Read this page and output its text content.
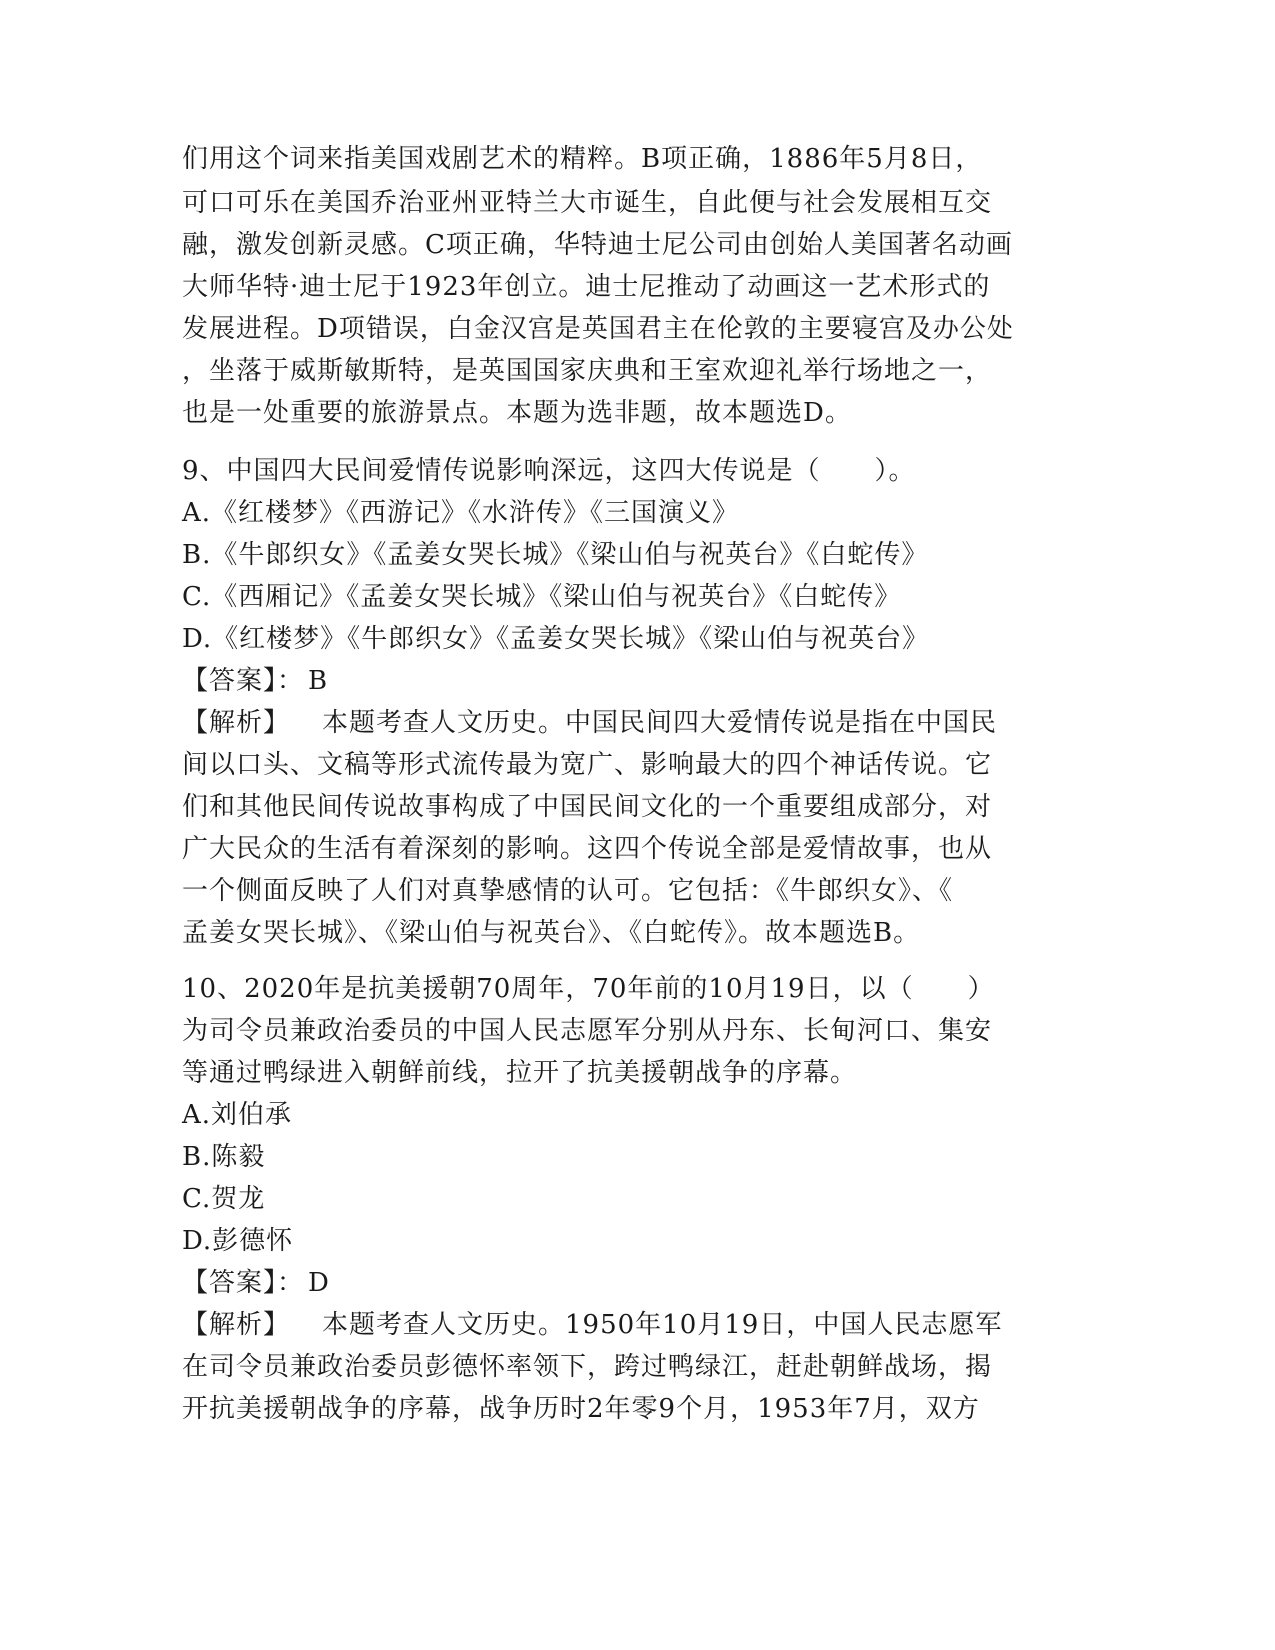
们用这个词来指美国戏剧艺术的精粹。B项正确，1886年5月8日，
可口可乐在美国乔治亚州亚特兰大市诞生，自此便与社会发展相互交
融，激发创新灵感。C项正确，华特迪士尼公司由创始人美国著名动画
大师华特·迪士尼于1923年创立。迪士尼推动了动画这一艺术形式的
发展进程。D项错误，白金汉宫是英国君主在伦敦的主要寝宫及办公处
，坐落于威斯敏斯特，是英国国家庆典和王室欢迎礼举行场地之一，
也是一处重要的旅游景点。本题为选非题，故本题选D。
9、中国四大民间爱情传说影响深远，这四大传说是（　　）。
A.《红楼梦》《西游记》《水浒传》《三国演义》
B.《牛郎织女》《孟姜女哭长城》《梁山伯与祝英台》《白蛇传》
C.《西厢记》《孟姜女哭长城》《梁山伯与祝英台》《白蛇传》
D.《红楼梦》《牛郎织女》《孟姜女哭长城》《梁山伯与祝英台》
【答案】： B
【解析】 本题考查人文历史。中国民间四大爱情传说是指在中国民
间以口头、文稿等形式流传最为宽广、影响最大的四个神话传说。它
们和其他民间传说故事构成了中国民间文化的一个重要组成部分，对
广大民众的生活有着深刻的影响。这四个传说全部是爱情故事，也从
一个侧面反映了人们对真挚感情的认可。它包括：《牛郎织女》、《
孟姜女哭长城》、《梁山伯与祝英台》、《白蛇传》。故本题选B。
10、2020年是抗美援朝70周年，70年前的10月19日，以（　　）
为司令员兼政治委员的中国人民志愿军分别从丹东、长甸河口、集安
等通过鸭绿进入朝鲜前线，拉开了抗美援朝战争的序幕。
A.刘伯承
B.陈毅
C.贺龙
D.彭德怀
【答案】： D
【解析】 本题考查人文历史。1950年10月19日，中国人民志愿军
在司令员兼政治委员彭德怀率领下，跨过鸭绿江，赶赴朝鲜战场，揭
开抗美援朝战争的序幕，战争历时2年零9个月，1953年7月，双方
